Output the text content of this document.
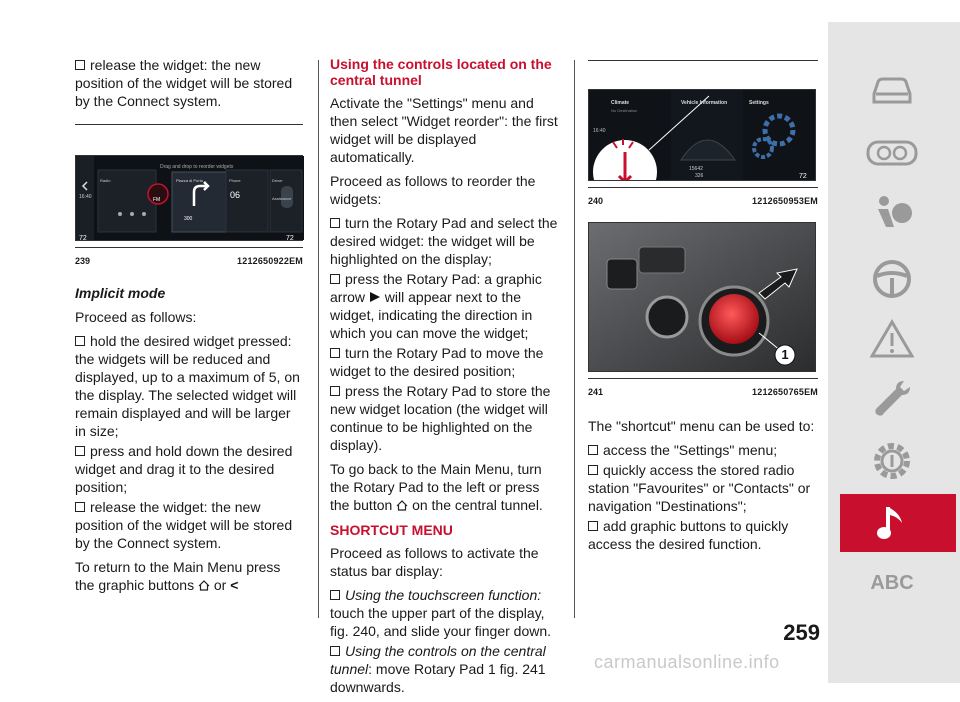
release the widget: the new position of the widget will be stored by the Connect system.

Drag and drop to reorder widgets
Radio
FM
Piazza di Porta ...	Phone	Driver Assistance
16:40	06
300
72	72
239	1212650922EM

Implicit mode

Proceed as follows:

hold the desired widget pressed: the widgets will be reduced and displayed, up to a maximum of 5, on the display. The selected widget will remain displayed and will be larger in size;

press and hold down the desired widget and drag it to the desired position;

release the widget: the new position of the widget will be stored by the Connect system.

To return to the Main Menu press the graphic buttons or <

Using the controls located on the central tunnel

Activate the "Settings" menu and then select "Widget reorder": the first widget will be displayed automatically.

Proceed as follows to reorder the widgets:

turn the Rotary Pad and select the desired widget: the widget will be highlighted on the display;

press the Rotary Pad: a graphic arrow will appear next to the widget, indicating the direction in which you can move the widget;

turn the Rotary Pad to move the widget to the desired position;

press the Rotary Pad to store the new widget location (the widget will continue to be highlighted on the display).

To go back to the Main Menu, turn the Rotary Pad to the left or press the button on the central tunnel.

SHORTCUT MENU

Proceed as follows to activate the status bar display:

Using the touchscreen function: touch the upper part of the display, fig. 240, and slide your finger down.

Using the controls on the central tunnel: move Rotary Pad 1 fig. 241 downwards.

Climate
No Destination
Vehicle Information	Settings
16:40
15642
326	72
240	1212650953EM
1
241	1212650765EM

The "shortcut" menu can be used to:

access the "Settings" menu;

quickly access the stored radio station "Favourites" or "Contacts" or navigation "Destinations";

add graphic buttons to quickly access the desired function.

ABC
259
carmanualsonline.info
